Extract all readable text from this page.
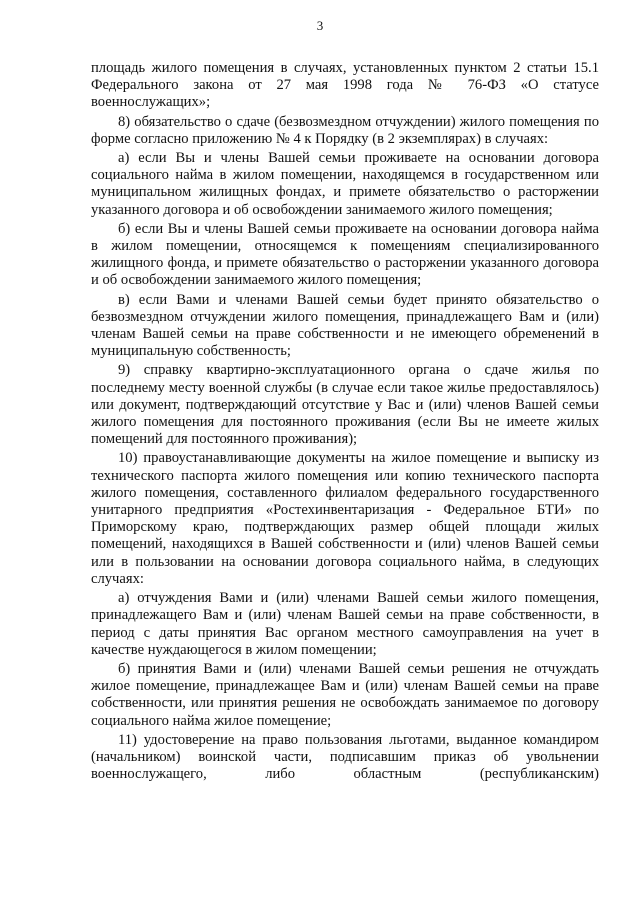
3

площадь жилого помещения в случаях, установленных пунктом 2 статьи 15.1 Федерального закона от 27 мая 1998 года № 76-ФЗ «О статусе военнослужащих»;

8) обязательство о сдаче (безвозмездном отчуждении) жилого помещения по форме согласно приложению № 4 к Порядку (в 2 экземплярах) в случаях:

а) если Вы и члены Вашей семьи проживаете на основании договора социального найма в жилом помещении, находящемся в государственном или муниципальном жилищных фондах, и примете обязательство о расторжении указанного договора и об освобождении занимаемого жилого помещения;

б) если Вы и члены Вашей семьи проживаете на основании договора найма в жилом помещении, относящемся к помещениям специализированного жилищного фонда, и примете обязательство о расторжении указанного договора и об освобождении занимаемого жилого помещения;

в) если Вами и членами Вашей семьи будет принято обязательство о безвозмездном отчуждении жилого помещения, принадлежащего Вам и (или) членам Вашей семьи на праве собственности и не имеющего обременений в муниципальную собственность;

9) справку квартирно-эксплуатационного органа о сдаче жилья по последнему месту военной службы (в случае если такое жилье предоставлялось) или документ, подтверждающий отсутствие у Вас и (или) членов Вашей семьи жилого помещения для постоянного проживания (если Вы не имеете жилых помещений для постоянного проживания);

10) правоустанавливающие документы на жилое помещение и выписку из технического паспорта жилого помещения или копию технического паспорта жилого помещения, составленного филиалом федерального государственного унитарного предприятия «Ростехинвентаризация - Федеральное БТИ» по Приморскому краю, подтверждающих размер общей площади жилых помещений, находящихся в Вашей собственности и (или) членов Вашей семьи или в пользовании на основании договора социального найма, в следующих случаях:

а) отчуждения Вами и (или) членами Вашей семьи жилого помещения, принадлежащего Вам и (или) членам Вашей семьи на праве собственности, в период с даты принятия Вас органом местного самоуправления на учет в качестве нуждающегося в жилом помещении;

б) принятия Вами и (или) членами Вашей семьи решения не отчуждать жилое помещение, принадлежащее Вам и (или) членам Вашей семьи на праве собственности, или принятия решения не освобождать занимаемое по договору социального найма жилое помещение;

11) удостоверение на право пользования льготами, выданное командиром (начальником) воинской части, подписавшим приказ об увольнении военнослужащего, либо областным (республиканским)
